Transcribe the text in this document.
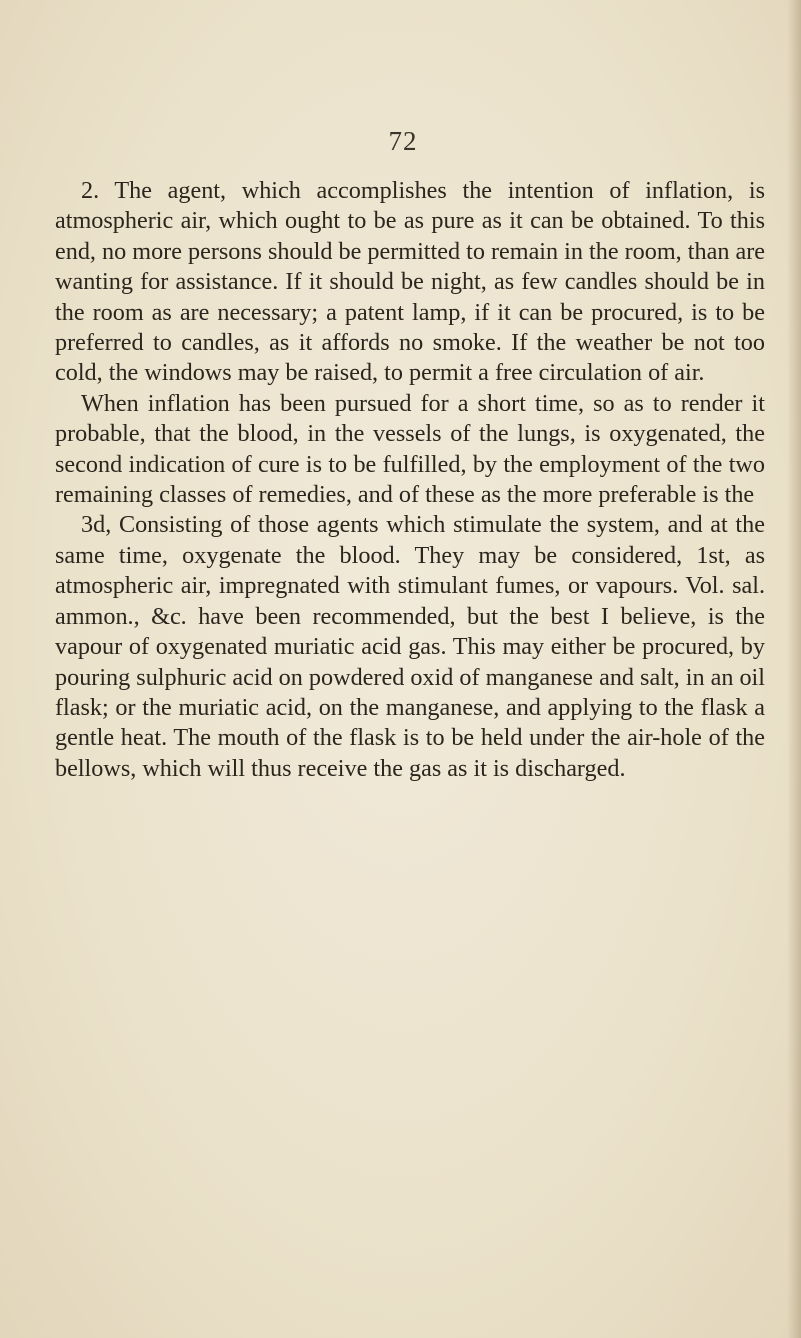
72

2. The agent, which accomplishes the intention of inflation, is atmospheric air, which ought to be as pure as it can be obtained. To this end, no more persons should be permitted to remain in the room, than are wanting for assistance. If it should be night, as few candles should be in the room as are necessary; a patent lamp, if it can be procured, is to be preferred to candles, as it affords no smoke. If the weather be not too cold, the windows may be raised, to permit a free circulation of air.

When inflation has been pursued for a short time, so as to render it probable, that the blood, in the vessels of the lungs, is oxygenated, the second indication of cure is to be fulfilled, by the employment of the two remaining classes of remedies, and of these as the more preferable is the

3d, Consisting of those agents which stimulate the system, and at the same time, oxygenate the blood. They may be considered, 1st, as atmospheric air, impregnated with stimulant fumes, or vapours. Vol. sal. ammon., &c. have been recommended, but the best I believe, is the vapour of oxygenated muriatic acid gas. This may either be procured, by pouring sulphuric acid on powdered oxid of manganese and salt, in an oil flask; or the muriatic acid, on the manganese, and applying to the flask a gentle heat. The mouth of the flask is to be held under the air-hole of the bellows, which will thus receive the gas as it is discharged.
